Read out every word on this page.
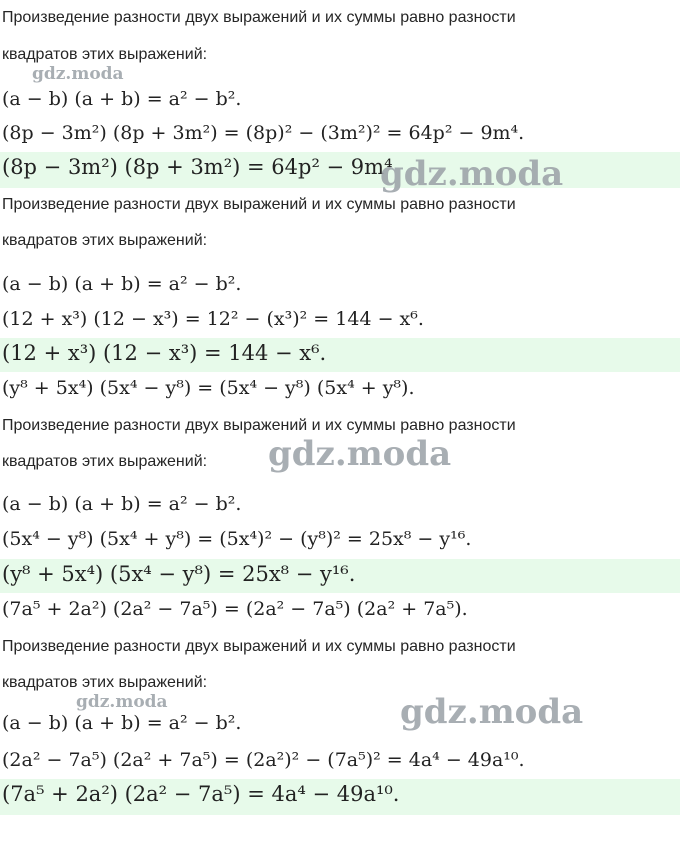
Произведение разности двух выражений и их суммы равно разности
квадратов этих выражений:
(a − b) (a + b) = a² − b².
(8p − 3m²) (8p + 3m²) = (8p)² − (3m²)² = 64p² − 9m⁴.
(8p − 3m²) (8p + 3m²) = 64p² − 9m⁴
Произведение разности двух выражений и их суммы равно разности
квадратов этих выражений:
(a − b) (a + b) = a² − b².
(12 + x³) (12 − x³) = 12² − (x³)² = 144 − x⁶.
(12 + x³) (12 − x³) = 144 − x⁶.
(y⁸ + 5x⁴) (5x⁴ − y⁸) = (5x⁴ − y⁸) (5x⁴ + y⁸).
Произведение разности двух выражений и их суммы равно разности
квадратов этих выражений:
(a − b) (a + b) = a² − b².
(5x⁴ − y⁸) (5x⁴ + y⁸) = (5x⁴)² − (y⁸)² = 25x⁸ − y¹⁶.
(y⁸ + 5x⁴) (5x⁴ − y⁸) = 25x⁸ − y¹⁶.
(7a⁵ + 2a²) (2a² − 7a⁵) = (2a² − 7a⁵) (2a² + 7a⁵).
Произведение разности двух выражений и их суммы равно разности
квадратов этих выражений:
(a − b) (a + b) = a² − b².
(2a² − 7a⁵) (2a² + 7a⁵) = (2a²)² − (7a⁵)² = 4a⁴ − 49a¹⁰.
(7a⁵ + 2a²) (2a² − 7a⁵) = 4a⁴ − 49a¹⁰.
gdz.moda
gdz.moda
gdz.moda
gdz.moda	gdz.moda
